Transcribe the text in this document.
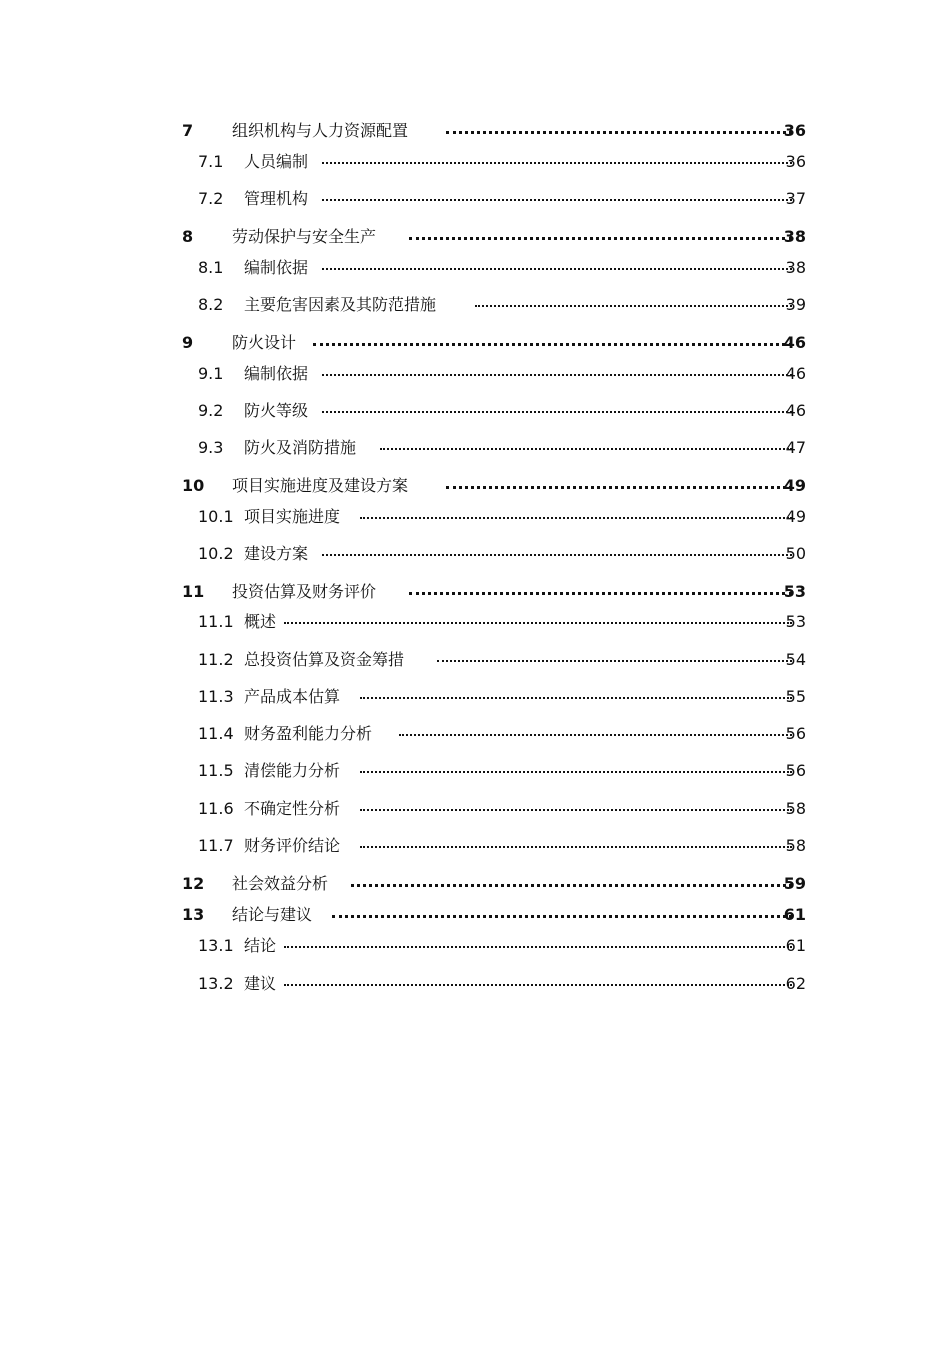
7 组织机构与人力资源配置	36
7.1 人员编制	36
7.2 管理机构	37
8 劳动保护与安全生产	38
8.1 编制依据	38
8.2 主要危害因素及其防范措施	39
9 防火设计	46
9.1 编制依据	46
9.2 防火等级	46
9.3 防火及消防措施	47
10 项目实施进度及建设方案	49
10.1 项目实施进度	49
10.2 建设方案	50
11 投资估算及财务评价	53
11.1 概述	53
11.2 总投资估算及资金筹措	54
11.3 产品成本估算	55
11.4 财务盈利能力分析	56
11.5 清偿能力分析	56
11.6 不确定性分析	58
11.7 财务评价结论	58
12 社会效益分析	59
13 结论与建议	61
13.1 结论	61
13.2 建议	62
